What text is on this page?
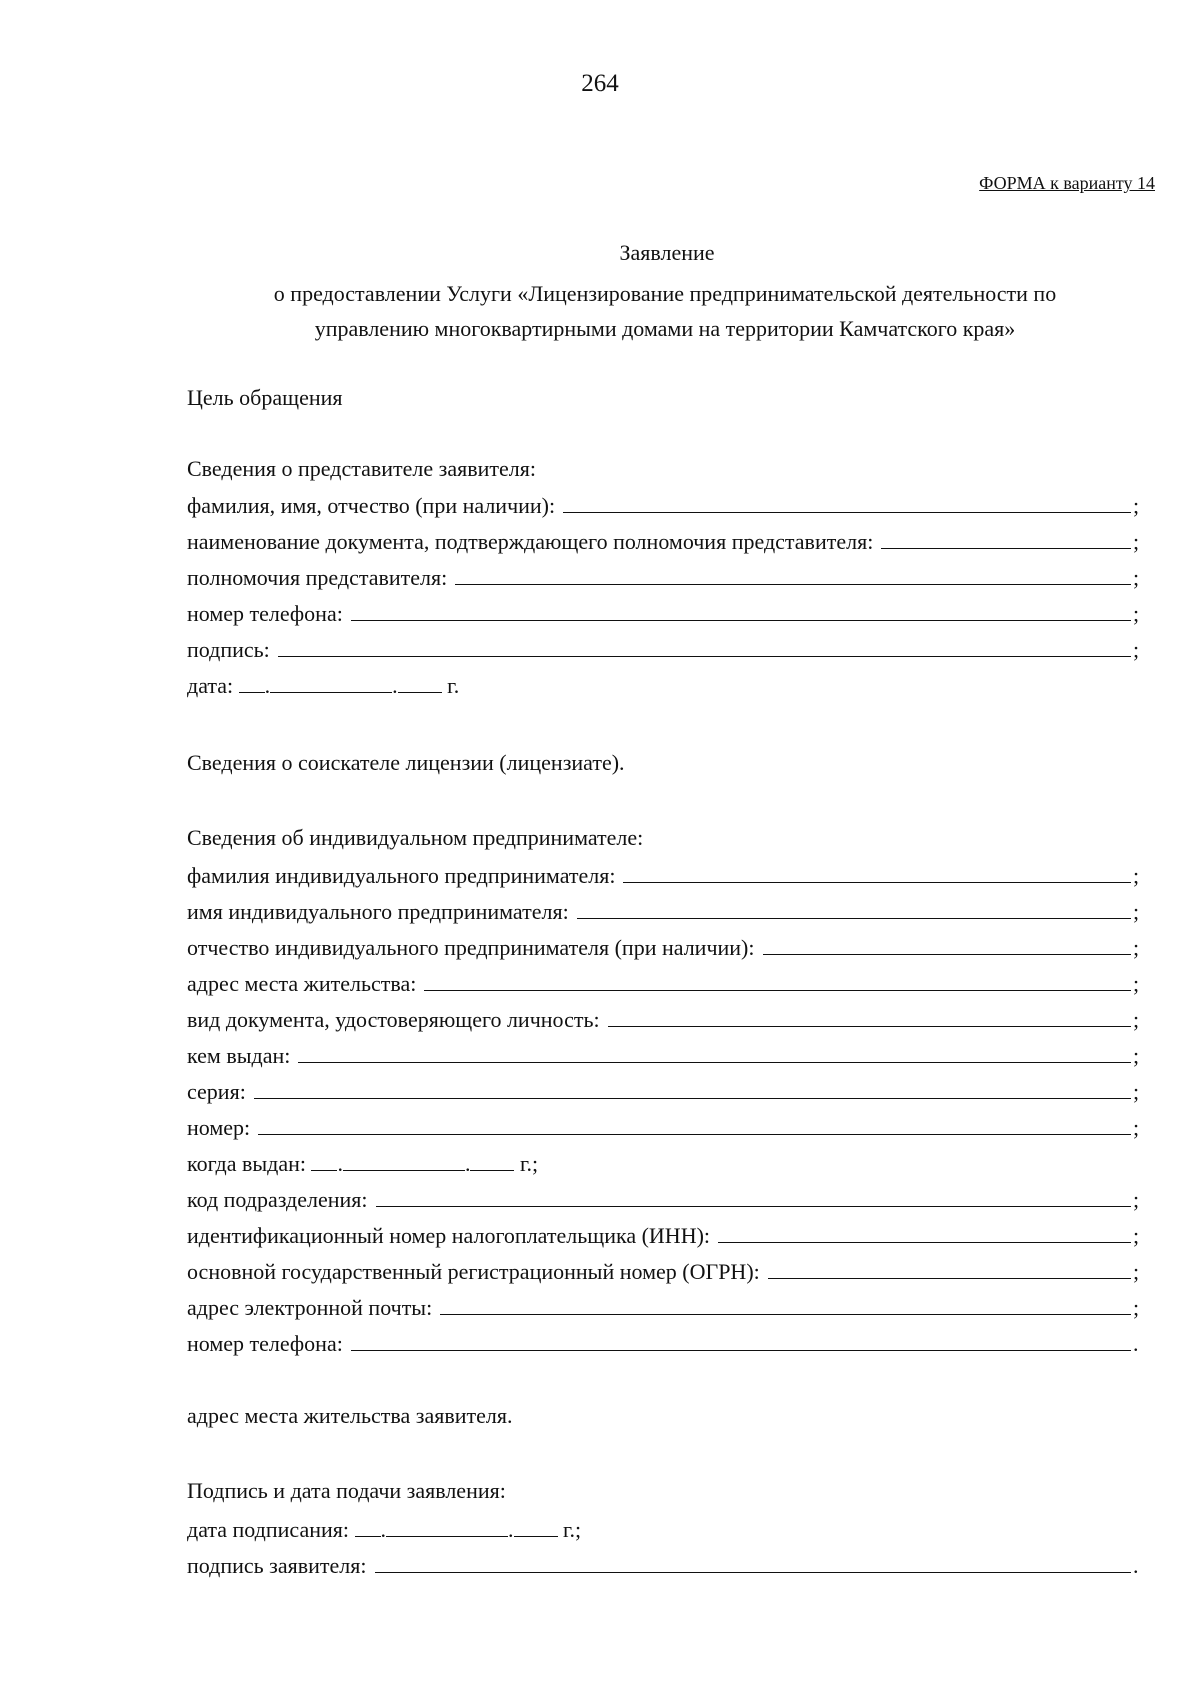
264
ФОРМА к варианту 14
Заявление
о предоставлении Услуги «Лицензирование предпринимательской деятельности по
управлению многоквартирными домами на территории Камчатского края»
Цель обращения
Сведения о представителе заявителя:
фамилия, имя, отчество (при наличии):	;
наименование документа, подтверждающего полномочия представителя:	;
полномочия представителя:	;
номер телефона:	;
подпись:	;
дата: .	. г.
Сведения о соискателе лицензии (лицензиате).
Сведения об индивидуальном предпринимателе:
фамилия индивидуального предпринимателя:	;
имя индивидуального предпринимателя:	;
отчество индивидуального предпринимателя (при наличии):	;
адрес места жительства:	;
вид документа, удостоверяющего личность:	;
кем выдан:	;
серия:	;
номер:	;
когда выдан: .	. г.;
код подразделения:	;
идентификационный номер налогоплательщика (ИНН):	;
основной государственный регистрационный номер (ОГРН):	;
адрес электронной почты:	;
номер телефона:	.
адрес места жительства заявителя.
Подпись и дата подачи заявления:
дата подписания: .	. г.;
подпись заявителя:	.
